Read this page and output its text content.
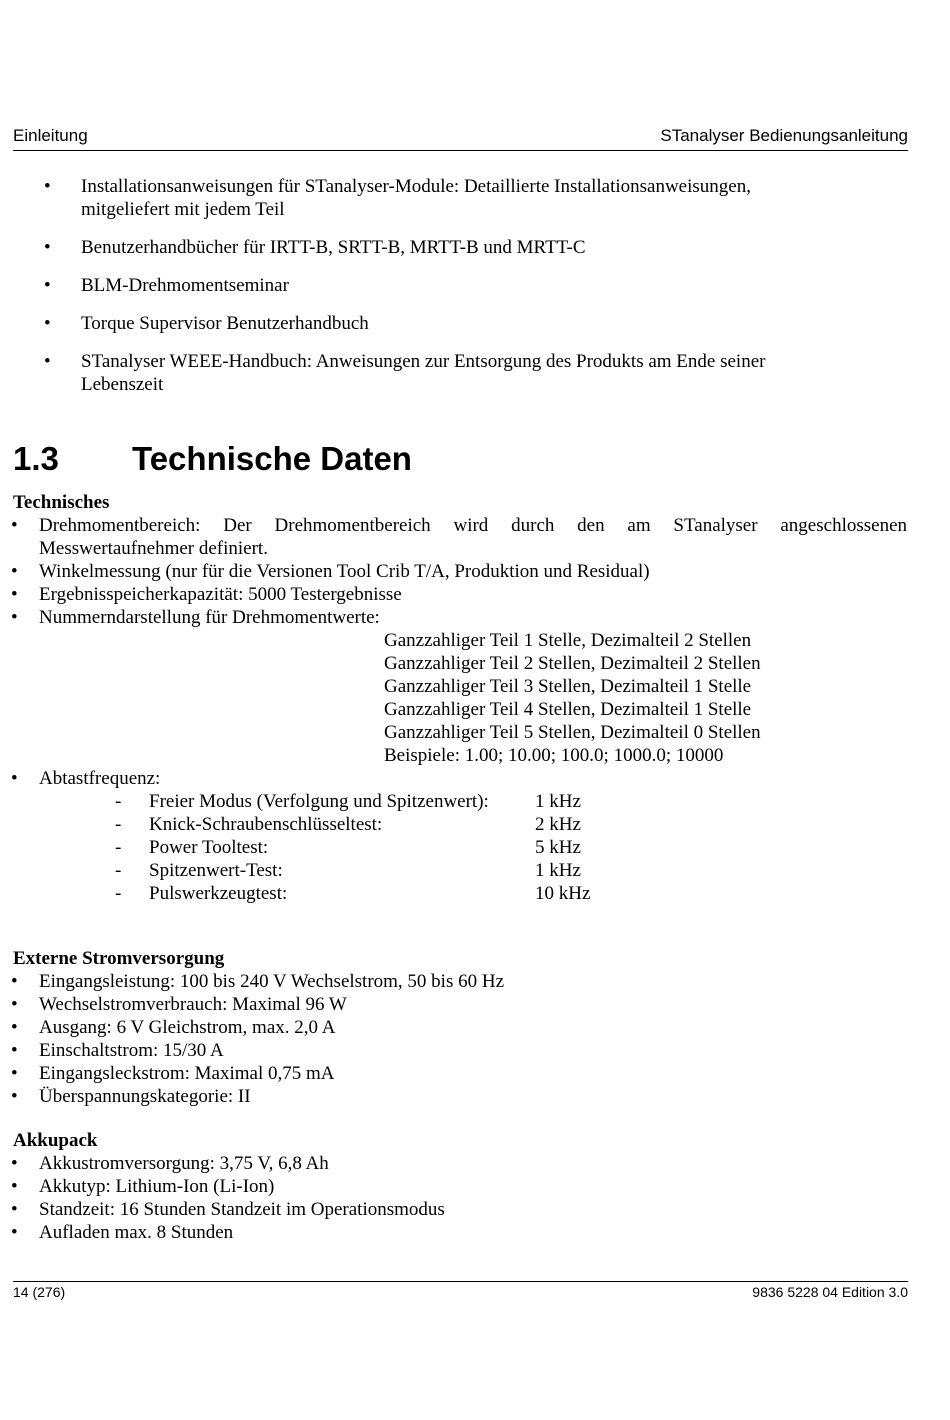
Einleitung	STanalyser Bedienungsanleitung
• Installationsanweisungen für STanalyser-Module: Detaillierte Installationsanweisungen,
mitgeliefert mit jedem Teil
• Benutzerhandbücher für IRTT-B, SRTT-B, MRTT-B und MRTT-C
• BLM-Drehmomentseminar
• Torque Supervisor Benutzerhandbuch
• STanalyser WEEE-Handbuch: Anweisungen zur Entsorgung des Produkts am Ende seiner
Lebenszeit
1.3 Technische Daten
Technisches
• Drehmomentbereich: Der Drehmomentbereich wird durch den am STanalyser angeschlossenen
Messwertaufnehmer definiert.
• Winkelmessung (nur für die Versionen Tool Crib T/A, Produktion und Residual)
• Ergebnisspeicherkapazität: 5000 Testergebnisse
• Nummerndarstellung für Drehmomentwerte:
Ganzzahliger Teil 1 Stelle, Dezimalteil 2 Stellen
Ganzzahliger Teil 2 Stellen, Dezimalteil 2 Stellen
Ganzzahliger Teil 3 Stellen, Dezimalteil 1 Stelle
Ganzzahliger Teil 4 Stellen, Dezimalteil 1 Stelle
Ganzzahliger Teil 5 Stellen, Dezimalteil 0 Stellen
Beispiele: 1.00; 10.00; 100.0; 1000.0; 10000
• Abtastfrequenz:
- Freier Modus (Verfolgung und Spitzenwert): 1 kHz
- Knick-Schraubenschlüsseltest:	2 kHz
- Power Tooltest:	5 kHz
- Spitzenwert-Test:	1 kHz
- Pulswerkzeugtest:	10 kHz
Externe Stromversorgung
• Eingangsleistung: 100 bis 240 V Wechselstrom, 50 bis 60 Hz
• Wechselstromverbrauch: Maximal 96 W
• Ausgang: 6 V Gleichstrom, max. 2,0 A
• Einschaltstrom: 15/30 A
• Eingangsleckstrom: Maximal 0,75 mA
• Überspannungskategorie: II
Akkupack
• Akkustromversorgung: 3,75 V, 6,8 Ah
• Akkutyp: Lithium-Ion (Li-Ion)
• Standzeit: 16 Stunden Standzeit im Operationsmodus
• Aufladen max. 8 Stunden
14 (276)	9836 5228 04 Edition 3.0
